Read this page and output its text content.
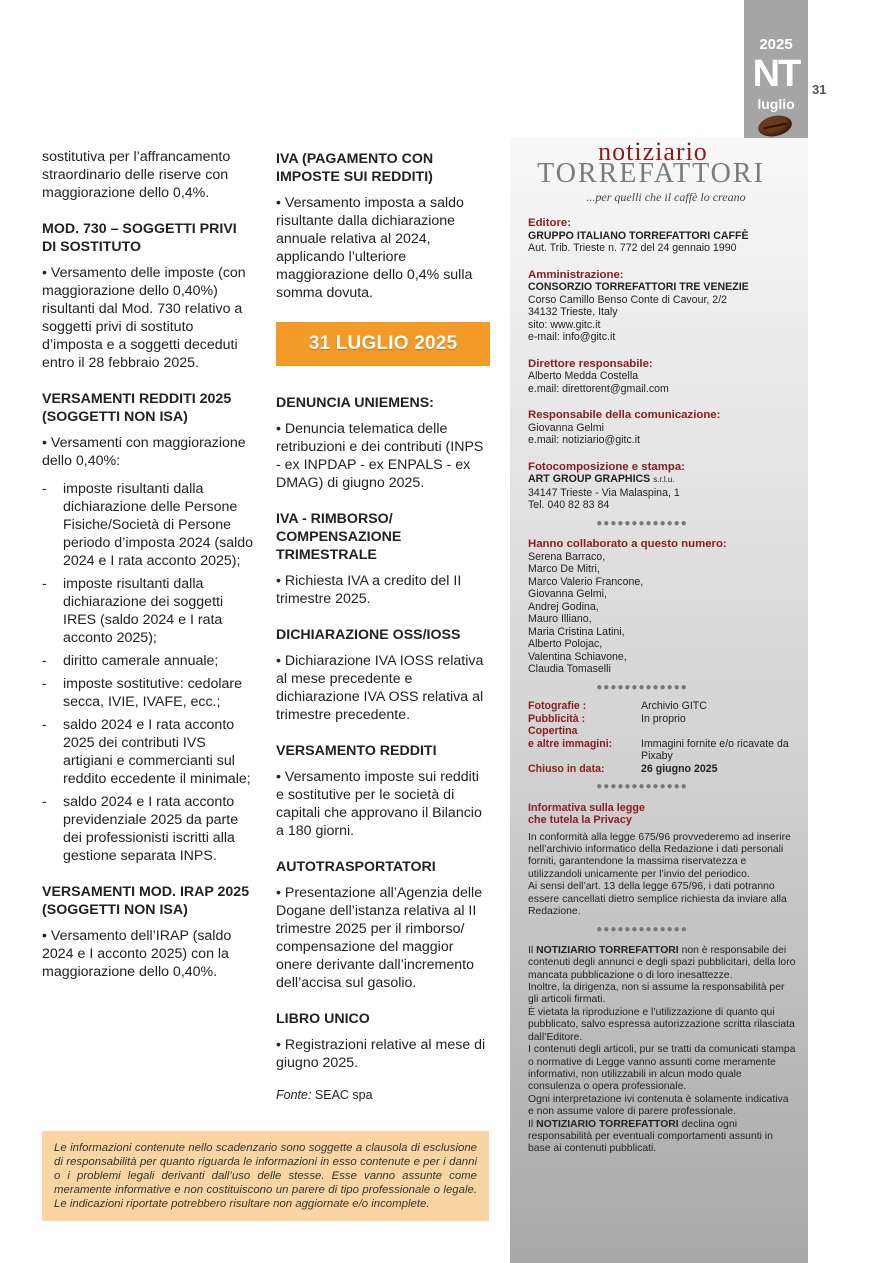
2025
NT
luglio
31

sostitutiva per l’affrancamento straordinario delle riserve con maggiorazione dello 0,4%.

MOD. 730 – SOGGETTI PRIVI DI SOSTITUTO

• Versamento delle imposte (con maggiorazione dello 0,40%) risultanti dal Mod. 730 relativo a soggetti privi di sostituto d’imposta e a soggetti deceduti entro il 28 febbraio 2025.

VERSAMENTI REDDITI 2025 (SOGGETTI NON ISA)

• Versamenti con maggiorazione dello 0,40%:

-	imposte risultanti dalla dichiarazione delle Persone Fisiche/Società di Persone periodo d’imposta 2024 (saldo 2024 e I rata acconto 2025);
-	imposte risultanti dalla dichiarazione dei soggetti IRES (saldo 2024 e I rata acconto 2025);
-	diritto camerale annuale;
-	imposte sostitutive: cedolare secca, IVIE, IVAFE, ecc.;
-	saldo 2024 e I rata acconto 2025 dei contributi IVS artigiani e commercianti sul reddito eccedente il minimale;
-	saldo 2024 e I rata acconto previdenziale 2025 da parte dei professionisti iscritti alla gestione separata INPS.
VERSAMENTI MOD. IRAP 2025 (SOGGETTI NON ISA)

• Versamento dell’IRAP (saldo 2024 e I acconto 2025) con la maggiorazione dello 0,40%.

IVA (PAGAMENTO CON IMPOSTE SUI REDDITI)

• Versamento imposta a saldo risultante dalla dichiarazione annuale relativa al 2024, applicando l’ulteriore maggiorazione dello 0,4% sulla somma dovuta.

31 LUGLIO 2025
DENUNCIA UNIEMENS:

• Denuncia telematica delle retribuzioni e dei contributi (INPS - ex INPDAP - ex ENPALS - ex DMAG) di giugno 2025.

IVA - RIMBORSO/ COMPENSAZIONE TRIMESTRALE

• Richiesta IVA a credito del II trimestre 2025.

DICHIARAZIONE OSS/IOSS

• Dichiarazione IVA IOSS relativa al mese precedente e dichiarazione IVA OSS relativa al trimestre precedente.

VERSAMENTO REDDITI

• Versamento imposte sui redditi e sostitutive per le società di capitali che approvano il Bilancio a 180 giorni.

AUTOTRASPORTATORI

• Presentazione all’Agenzia delle Dogane dell’istanza relativa al II trimestre 2025 per il rimborso/ compensazione del maggior onere derivante dall’incremento dell’accisa sul gasolio.

LIBRO UNICO

• Registrazioni relative al mese di giugno 2025.

Fonte: SEAC spa
Le informazioni contenute nello scadenzario sono soggette a clausola di esclusione di responsabilità per quanto riguarda le informazioni in esso contenute e per i danni o i problemi legali derivanti dall’uso delle stesse. Esse vanno assunte come meramente informative e non costituiscono un parere di tipo professionale o legale. Le indicazioni riportate potrebbero risultare non aggiornate e/o incomplete.
notiziario
TORREFATTORI
...per quelli che il caffè lo creano
Editore:
GRUPPO ITALIANO TORREFATTORI CAFFÈ
Aut. Trib. Trieste n. 772 del 24 gennaio 1990
Amministrazione:
CONSORZIO TORREFATTORI TRE VENEZIE
Corso Camillo Benso Conte di Cavour, 2/2
34132 Trieste, Italy
sito: www.gitc.it
e-mail: info@gitc.it
Direttore responsabile:
Alberto Medda Costella
e.mail: direttorent@gmail.com
Responsabile della comunicazione:
Giovanna Gelmi
e.mail: notiziario@gitc.it
Fotocomposizione e stampa:
ART GROUP GRAPHICS s.r.l.u.
34147 Trieste - Via Malaspina, 1
Tel. 040 82 83 84
●●●●●●●●●●●●●
Hanno collaborato a questo numero:
Serena Barraco,
Marco De Mitri,
Marco Valerio Francone,
Giovanna Gelmi,
Andrej Godina,
Mauro Illiano,
Maria Cristina Latini,
Alberto Polojac,
Valentina Schiavone,
Claudia Tomaselli
●●●●●●●●●●●●●
Fotografie :	Archivio GITC
Pubblicità :	In proprio
Copertina
e altre immagini:	Immagini fornite e/o ricavate da Pixaby
Chiuso in data:	26 giugno 2025
●●●●●●●●●●●●●
Informativa sulla legge
che tutela la Privacy
In conformità alla legge 675/96 provvederemo ad inserire nell’archivio informatico della Redazione i dati personali forniti, garantendone la massima riservatezza e utilizzandoli unicamente per l’invio del periodico.
Ai sensi dell’art. 13 della legge 675/96, i dati potranno essere cancellati dietro semplice richiesta da inviare alla Redazione.
●●●●●●●●●●●●●
Il NOTIZIARIO TORREFATTORI non è responsabile dei contenuti degli annunci e degli spazi pubblicitari, della loro mancata pubblicazione o di loro inesattezze.
Inoltre, la dirigenza, non si assume la responsabilità per gli articoli firmati.
È vietata la riproduzione e l’utilizzazione di quanto qui pubblicato, salvo espressa autorizzazione scritta rilasciata dall’Editore.
I contenuti degli articoli, pur se tratti da comunicati stampa o normative di Legge vanno assunti come meramente informativi, non utilizzabili in alcun modo quale consulenza o opera professionale.
Ogni interpretazione ivi contenuta è solamente indicativa e non assume valore di parere professionale.
Il NOTIZIARIO TORREFATTORI declina ogni responsabilità per eventuali comportamenti assunti in base ai contenuti pubblicati.
